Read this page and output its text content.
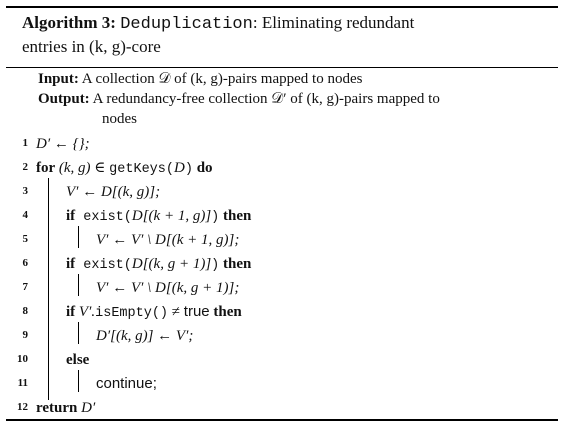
Algorithm 3: Deduplication: Eliminating redundant
entries in (k, g)-core
Input: A collection 𝒟 of (k, g)-pairs mapped to nodes
Output: A redundancy-free collection 𝒟′ of (k, g)-pairs mapped to
nodes
1
2
3
4
5
6
7
8
9
10
11
12
D′ ← {};
for (k, g) ∈ getKeys(D) do
V′ ← D[(k, g)];
if exist(D[(k + 1, g)]) then
V′ ← V′ \ D[(k + 1, g)];
if exist(D[(k, g + 1)]) then
V′ ← V′ \ D[(k, g + 1)];
if V′.isEmpty() ≠ true then
D′[(k, g)] ← V′;
else
continue;
return D′
